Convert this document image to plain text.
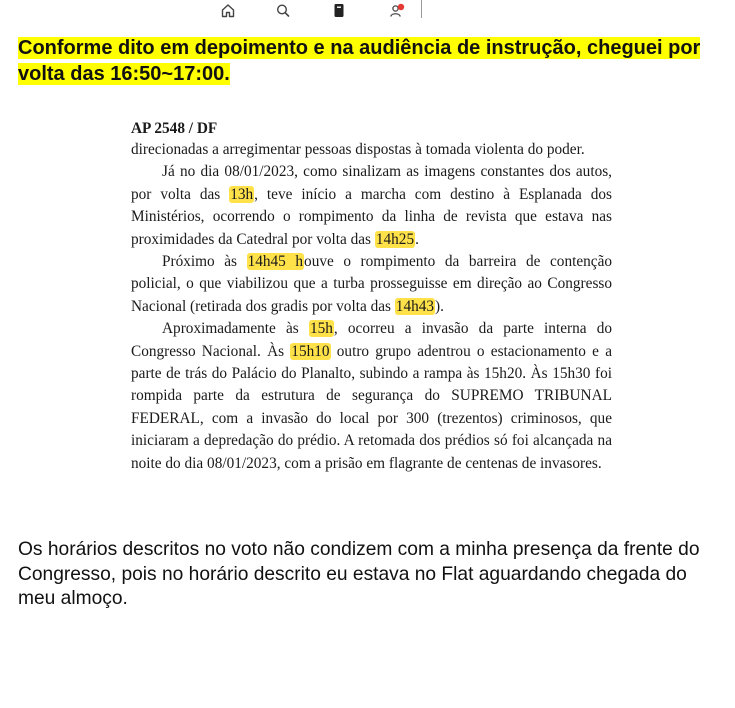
Conforme dito em depoimento e na audiência de instrução, cheguei por volta das 16:50~17:00.

AP 2548 / DF

direcionadas a arregimentar pessoas dispostas à tomada violenta do poder.

Já no dia 08/01/2023, como sinalizam as imagens constantes dos autos, por volta das 13h, teve início a marcha com destino à Esplanada dos Ministérios, ocorrendo o rompimento da linha de revista que estava nas proximidades da Catedral por volta das 14h25.

Próximo às 14h45 houve o rompimento da barreira de contenção policial, o que viabilizou que a turba prosseguisse em direção ao Congresso Nacional (retirada dos gradis por volta das 14h43).

Aproximadamente às 15h, ocorreu a invasão da parte interna do Congresso Nacional. Às 15h10 outro grupo adentrou o estacionamento e a parte de trás do Palácio do Planalto, subindo a rampa às 15h20. Às 15h30 foi rompida parte da estrutura de segurança do SUPREMO TRIBUNAL FEDERAL, com a invasão do local por 300 (trezentos) criminosos, que iniciaram a depredação do prédio. A retomada dos prédios só foi alcançada na noite do dia 08/01/2023, com a prisão em flagrante de centenas de invasores.

Os horários descritos no voto não condizem com a minha presença da frente do Congresso, pois no horário descrito eu estava no Flat aguardando chegada do meu almoço.
